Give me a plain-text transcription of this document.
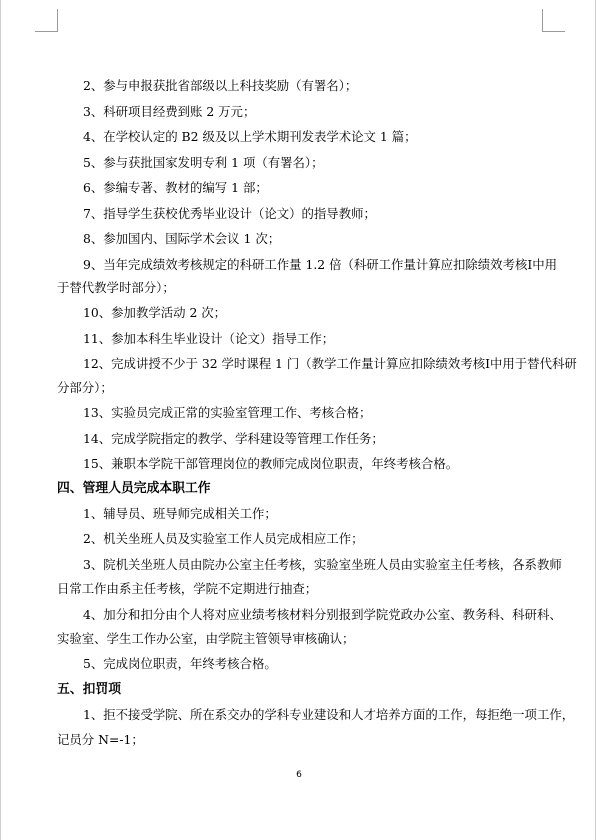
2、参与申报获批省部级以上科技奖励（有署名）；
3、科研项目经费到账 2 万元；
4、在学校认定的 B2 级及以上学术期刊发表学术论文 1 篇；
5、参与获批国家发明专利 1 项（有署名）；
6、参编专著、教材的编写 1 部；
7、指导学生获校优秀毕业设计（论文）的指导教师；
8、参加国内、国际学术会议 1 次；
9、当年完成绩效考核规定的科研工作量 1.2 倍（科研工作量计算应扣除绩效考核Ⅰ中用
于替代教学时部分）；
10、参加教学活动 2 次；
11、参加本科生毕业设计（论文）指导工作；
12、完成讲授不少于 32 学时课程 1 门（教学工作量计算应扣除绩效考核Ⅰ中用于替代科研
分部分）；
13、实验员完成正常的实验室管理工作、考核合格；
14、完成学院指定的教学、学科建设等管理工作任务；
15、兼职本学院干部管理岗位的教师完成岗位职责，年终考核合格。
四、管理人员完成本职工作
1、辅导员、班导师完成相关工作；
2、机关坐班人员及实验室工作人员完成相应工作；
3、院机关坐班人员由院办公室主任考核，实验室坐班人员由实验室主任考核，各系教师
日常工作由系主任考核，学院不定期进行抽查；
4、加分和扣分由个人将对应业绩考核材料分别报到学院党政办公室、教务科、科研科、
实验室、学生工作办公室，由学院主管领导审核确认；
5、完成岗位职责，年终考核合格。
五、扣罚项
1、拒不接受学院、所在系交办的学科专业建设和人才培养方面的工作，每拒绝一项工作，
记员分 N=-1；
6
